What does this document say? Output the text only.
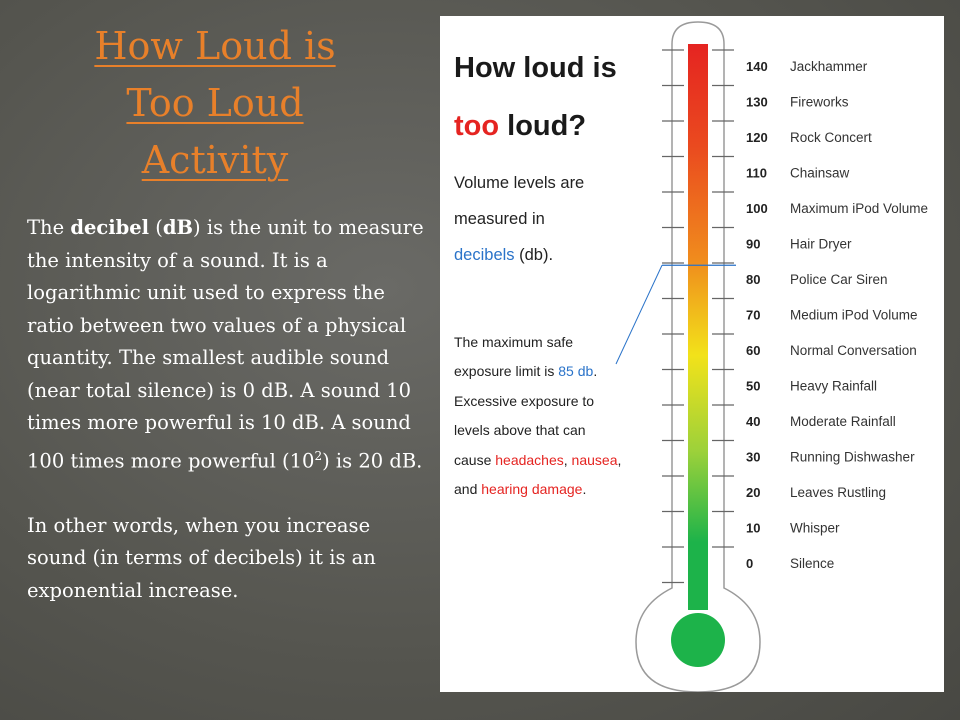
How Loud is
Too Loud
Activity

The decibel (dB) is the unit to measure the intensity of a sound. It is a logarithmic unit used to express the ratio between two values of a physical quantity. The smallest audible sound (near total silence) is 0 dB. A sound 10 times more powerful is 10 dB. A sound 100 times more powerful $(10^2)$ is 20 dB.

In other words, when you increase sound (in terms of decibels) it is an exponential increase.

How loud is
too loud?
Volume levels are
measured in
decibels (db).
The maximum safe
exposure limit is 85 db.
Excessive exposure to
levels above that can
cause headaches, nausea,
and hearing damage.
140 Jackhammer
130 Fireworks
120 Rock Concert
110 Chainsaw
100 Maximum iPod Volume
90 Hair Dryer
80 Police Car Siren
70 Medium iPod Volume
60 Normal Conversation
50 Heavy Rainfall
40 Moderate Rainfall
30 Running Dishwasher
20 Leaves Rustling
10 Whisper
0	Silence
